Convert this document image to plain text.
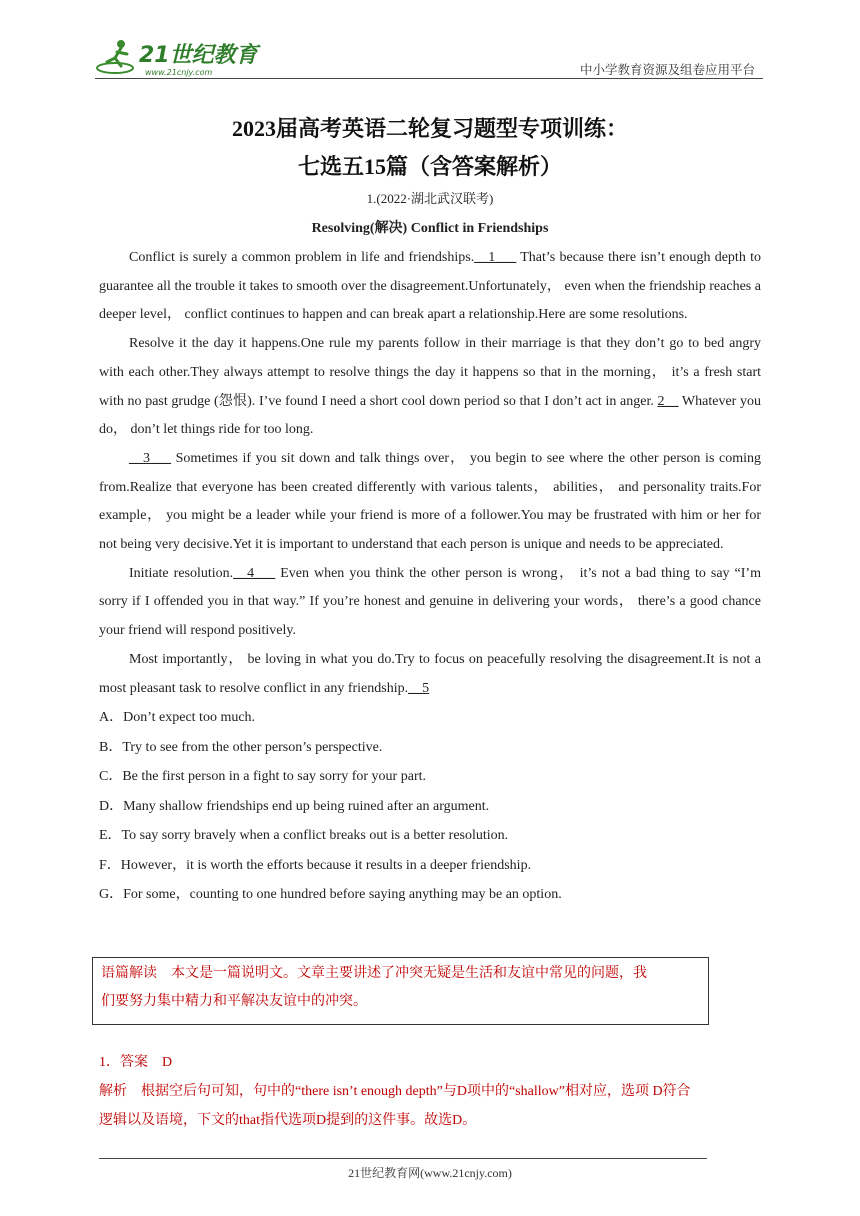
21世纪教育
www.21cnjy.com	中小学教育资源及组卷应用平台
2023届高考英语二轮复习题型专项训练：
七选五15篇（含答案解析）
1.(2022·湖北武汉联考)
Resolving(解决) Conflict in Friendships

Conflict is surely a common problem in life and friendships.__1___ That’s because there isn’t enough depth to guarantee all the trouble it takes to smooth over the disagreement.Unfortunately， even when the friendship reaches a deeper level， conflict continues to happen and can break apart a relationship.Here are some resolutions.

Resolve it the day it happens.One rule my parents follow in their marriage is that they don’t go to bed angry with each other.They always attempt to resolve things the day it happens so that in the morning， it’s a fresh start with no past grudge (怨恨). I’ve found I need a short cool down period so that I don’t act in anger. 2__ Whatever you do， don’t let things ride for too long.

__3___ Sometimes if you sit down and talk things over， you begin to see where the other person is coming from.Realize that everyone has been created differently with various talents， abilities， and personality traits.For example， you might be a leader while your friend is more of a follower.You may be frustrated with him or her for not being very decisive.Yet it is important to understand that each person is unique and needs to be appreciated.

Initiate resolution.__4___ Even when you think the other person is wrong， it’s not a bad thing to say “I’m sorry if I offended you in that way.” If you’re honest and genuine in delivering your words， there’s a good chance your friend will respond positively.

Most importantly， be loving in what you do.Try to focus on peacefully resolving the disagreement.It is not a most pleasant task to resolve conflict in any friendship.__5

A．Don’t expect too much.

B．Try to see from the other person’s perspective.

C．Be the first person in a fight to say sorry for your part.

D．Many shallow friendships end up being ruined after an argument.

E．To say sorry bravely when a conflict breaks out is a better resolution.

F．However，it is worth the efforts because it results in a deeper friendship.

G．For some，counting to one hundred before saying anything may be an option.

语篇解读　本文是一篇说明文。文章主要讲述了冲突无疑是生活和友谊中常见的问题，我

们要努力集中精力和平解决友谊中的冲突。

1．答案　D

解析　根据空后句可知，句中的“there isn’t enough depth”与D项中的“shallow”相对应，选项 D符合

逻辑以及语境，下文的that指代选项D提到的这件事。故选D。

21世纪教育网(www.21cnjy.com)
